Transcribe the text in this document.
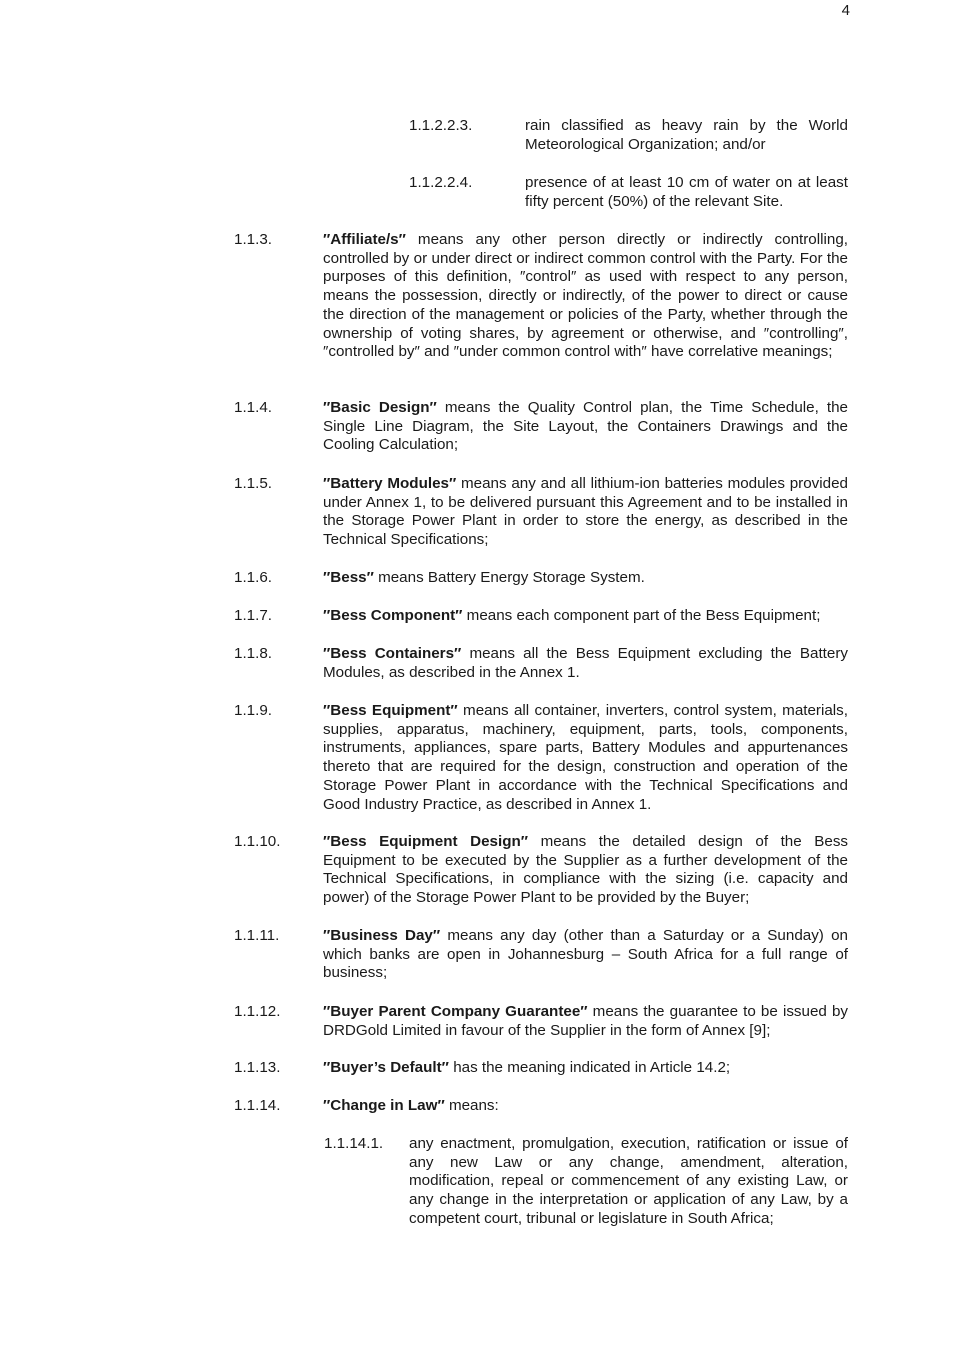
4
1.1.2.2.3.	rain classified as heavy rain by the World Meteorological Organization; and/or
1.1.2.2.4.	presence of at least 10 cm of water on at least fifty percent (50%) of the relevant Site.
1.1.3.	″Affiliate/s″ means any other person directly or indirectly controlling, controlled by or under direct or indirect common control with the Party. For the purposes of this definition, ″control″ as used with respect to any person, means the possession, directly or indirectly, of the power to direct or cause the direction of the management or policies of the Party, whether through the ownership of voting shares, by agreement or otherwise, and ″controlling″, ″controlled by″ and ″under common control with″ have correlative meanings;
1.1.4.	″Basic Design″ means the Quality Control plan, the Time Schedule, the Single Line Diagram, the Site Layout, the Containers Drawings and the Cooling Calculation;
1.1.5.	″Battery Modules″ means any and all lithium-ion batteries modules provided under Annex 1, to be delivered pursuant this Agreement and to be installed in the Storage Power Plant in order to store the energy, as described in the Technical Specifications;
1.1.6.	″Bess″ means Battery Energy Storage System.
1.1.7.	″Bess Component″ means each component part of the Bess Equipment;
1.1.8.	″Bess Containers″ means all the Bess Equipment excluding the Battery Modules, as described in the Annex 1.
1.1.9.	″Bess Equipment″ means all container, inverters, control system, materials, supplies, apparatus, machinery, equipment, parts, tools, components, instruments, appliances, spare parts, Battery Modules and appurtenances thereto that are required for the design, construction and operation of the Storage Power Plant in accordance with the Technical Specifications and Good Industry Practice, as described in Annex 1.
1.1.10.	″Bess Equipment Design″ means the detailed design of the Bess Equipment to be executed by the Supplier as a further development of the Technical Specifications, in compliance with the sizing (i.e. capacity and power) of the Storage Power Plant to be provided by the Buyer;
1.1.11.	″Business Day″ means any day (other than a Saturday or a Sunday) on which banks are open in Johannesburg – South Africa for a full range of business;
1.1.12.	″Buyer Parent Company Guarantee″ means the guarantee to be issued by DRDGold Limited in favour of the Supplier in the form of Annex [9];
1.1.13.	″Buyer’s Default″ has the meaning indicated in Article 14.2;
1.1.14.	″Change in Law″ means:
1.1.14.1. any enactment, promulgation, execution, ratification or issue of any new Law or any change, amendment, alteration, modification, repeal or commencement of any existing Law, or any change in the interpretation or application of any Law, by a competent court, tribunal or legislature in South Africa;
